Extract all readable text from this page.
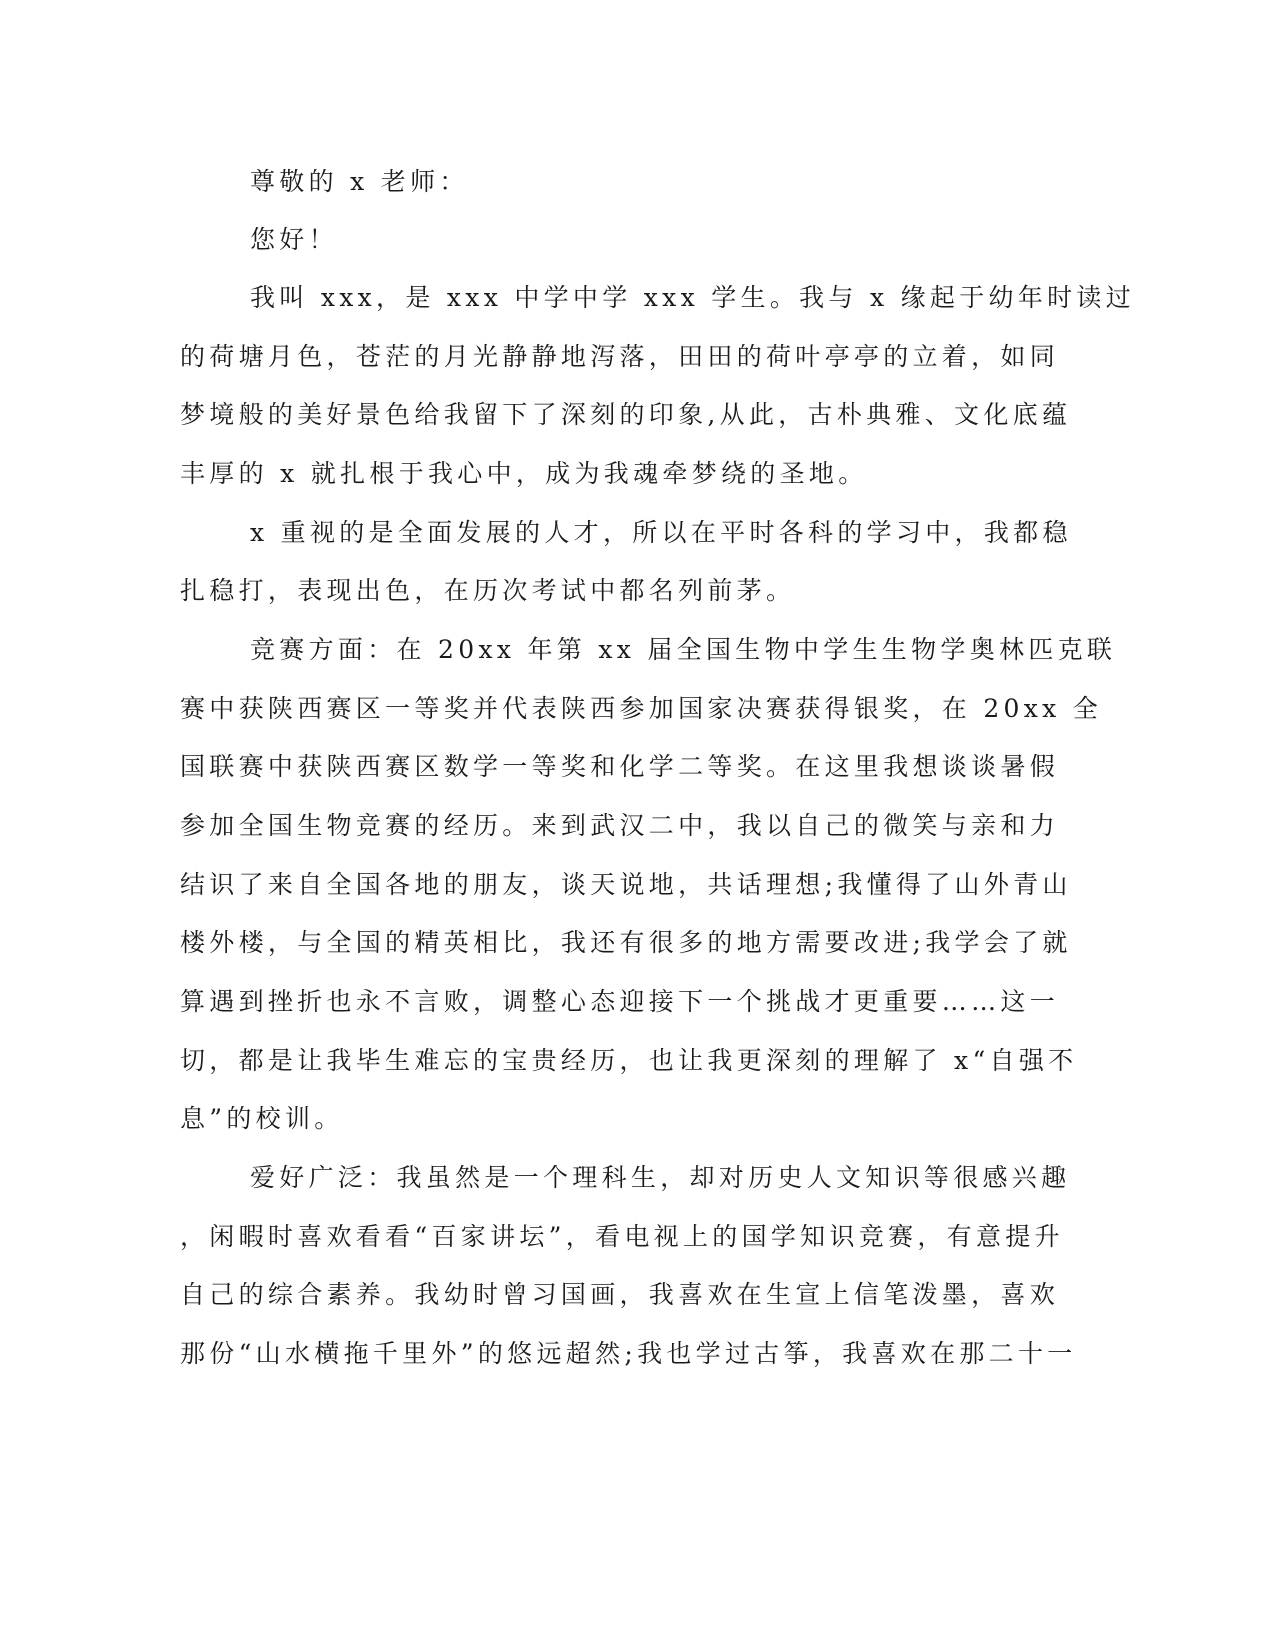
尊敬的 x 老师：
您好！
我叫 xxx，是 xxx 中学中学 xxx 学生。我与 x 缘起于幼年时读过
的荷塘月色，苍茫的月光静静地泻落，田田的荷叶亭亭的立着，如同
梦境般的美好景色给我留下了深刻的印象,从此，古朴典雅、文化底蕴
丰厚的 x 就扎根于我心中，成为我魂牵梦绕的圣地。
x 重视的是全面发展的人才，所以在平时各科的学习中，我都稳
扎稳打，表现出色，在历次考试中都名列前茅。
竞赛方面：在 20xx 年第 xx 届全国生物中学生生物学奥林匹克联
赛中获陕西赛区一等奖并代表陕西参加国家决赛获得银奖，在 20xx 全
国联赛中获陕西赛区数学一等奖和化学二等奖。在这里我想谈谈暑假
参加全国生物竞赛的经历。来到武汉二中，我以自己的微笑与亲和力
结识了来自全国各地的朋友，谈天说地，共话理想;我懂得了山外青山
楼外楼，与全国的精英相比，我还有很多的地方需要改进;我学会了就
算遇到挫折也永不言败，调整心态迎接下一个挑战才更重要……这一
切，都是让我毕生难忘的宝贵经历，也让我更深刻的理解了 x“自强不
息”的校训。
爱好广泛：我虽然是一个理科生，却对历史人文知识等很感兴趣
，闲暇时喜欢看看“百家讲坛”，看电视上的国学知识竞赛，有意提升
自己的综合素养。我幼时曾习国画，我喜欢在生宣上信笔泼墨，喜欢
那份“山水横拖千里外”的悠远超然;我也学过古筝，我喜欢在那二十一
